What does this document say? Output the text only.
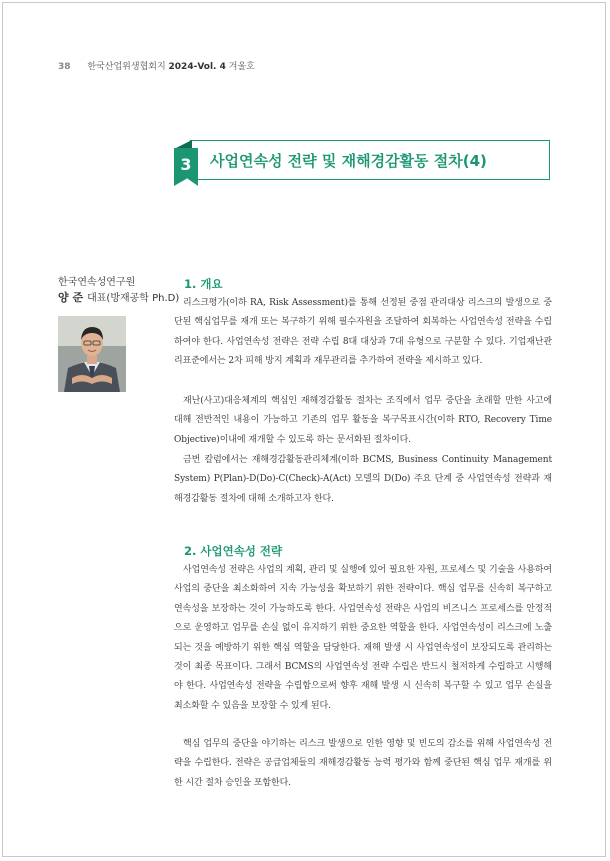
38 한국산업위생협회지 2024-Vol. 4 겨울호
3	사업연속성 전략 및 재해경감활동 절차(4)
한국연속성연구원
양 준 대표(방재공학 Ph.D)
1. 개요

리스크평가(이하 RA, Risk Assessment)를 통해 선정된 중점 관리대상 리스크의 발생으로 중단된 핵심업무를 재개 또는 복구하기 위해 필수자원을 조달하여 회복하는 사업연속성 전략을 수립하여야 한다. 사업연속성 전략은 전략 수립 8대 대상과 7대 유형으로 구분할 수 있다. 기업재난관리표준에서는 2차 피해 방지 계획과 재무관리를 추가하여 전략을 제시하고 있다.

재난(사고)대응체계의 핵심인 재해경감활동 절차는 조직에서 업무 중단을 초래할 만한 사고에 대해 전반적인 내용이 가능하고 기존의 업무 활동을 복구목표시간(이하 RTO, Recovery Time Objective)이내에 재개할 수 있도록 하는 문서화된 절차이다.

금번 칼럼에서는 재해경감활동관리체계(이하 BCMS, Business Continuity Management System) P(Plan)-D(Do)-C(Check)-A(Act) 모델의 D(Do) 주요 단계 중 사업연속성 전략과 재해경감활동 절차에 대해 소개하고자 한다.

2. 사업연속성 전략

사업연속성 전략은 사업의 계획, 관리 및 실행에 있어 필요한 자원, 프로세스 및 기술을 사용하여 사업의 중단을 최소화하여 지속 가능성을 확보하기 위한 전략이다. 핵심 업무를 신속히 복구하고 연속성을 보장하는 것이 가능하도록 한다. 사업연속성 전략은 사업의 비즈니스 프로세스를 안정적으로 운영하고 업무를 손실 없이 유지하기 위한 중요한 역할을 한다. 사업연속성이 리스크에 노출되는 것을 예방하기 위한 핵심 역할을 담당한다. 재해 발생 시 사업연속성이 보장되도록 관리하는 것이 최종 목표이다. 그래서 BCMS의 사업연속성 전략 수립은 반드시 철저하게 수립하고 시행해야 한다. 사업연속성 전략을 수립함으로써 향후 재해 발생 시 신속히 복구할 수 있고 업무 손실을 최소화할 수 있음을 보장할 수 있게 된다.

핵심 업무의 중단을 야기하는 리스크 발생으로 인한 영향 및 빈도의 감소를 위해 사업연속성 전략을 수립한다. 전략은 공급업체들의 재해경감활동 능력 평가와 함께 중단된 핵심 업무 재개를 위한 시간 절차 승인을 포함한다.
